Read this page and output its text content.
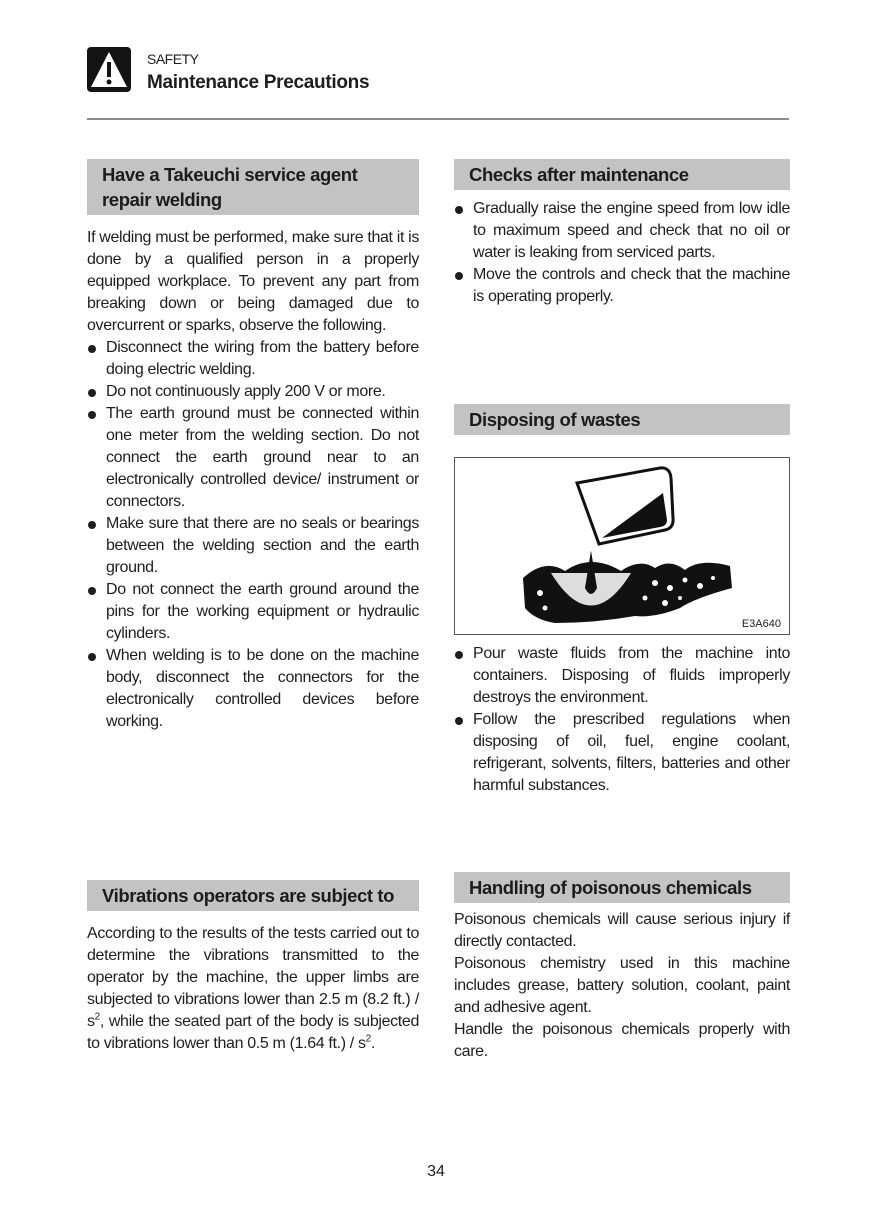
SAFETY
Maintenance Precautions
Have a Takeuchi service agent repair welding

If welding must be performed, make sure that it is done by a qualified person in a properly equipped workplace. To prevent any part from breaking down or being damaged due to overcurrent or sparks, observe the following.

Disconnect the wiring from the battery before doing electric welding.
Do not continuously apply 200 V or more.
The earth ground must be connected within one meter from the welding section. Do not connect the earth ground near to an electronically controlled device/ instrument or connectors.
Make sure that there are no seals or bearings between the welding section and the earth ground.
Do not connect the earth ground around the pins for the working equipment or hydraulic cylinders.
When welding is to be done on the machine body, disconnect the connectors for the electronically controlled devices before working.
Vibrations operators are subject to

According to the results of the tests carried out to determine the vibrations transmitted to the operator by the machine, the upper limbs are subjected to vibrations lower than 2.5 m (8.2 $ft.) / s^2$, while the seated part of the body is subjected to vibrations lower than 0.5 m (1.64 $ft.) / s^2$.

Checks after maintenance
Gradually raise the engine speed from low idle to maximum speed and check that no oil or water is leaking from serviced parts.
Move the controls and check that the machine is operating properly.
Disposing of wastes
E3A640
Pour waste fluids from the machine into containers. Disposing of fluids improperly destroys the environment.
Follow the prescribed regulations when disposing of oil, fuel, engine coolant, refrigerant, solvents, filters, batteries and other harmful substances.
Handling of poisonous chemicals

Poisonous chemicals will cause serious injury if directly contacted.

Poisonous chemistry used in this machine includes grease, battery solution, coolant, paint and adhesive agent.

Handle the poisonous chemicals properly with care.

34
